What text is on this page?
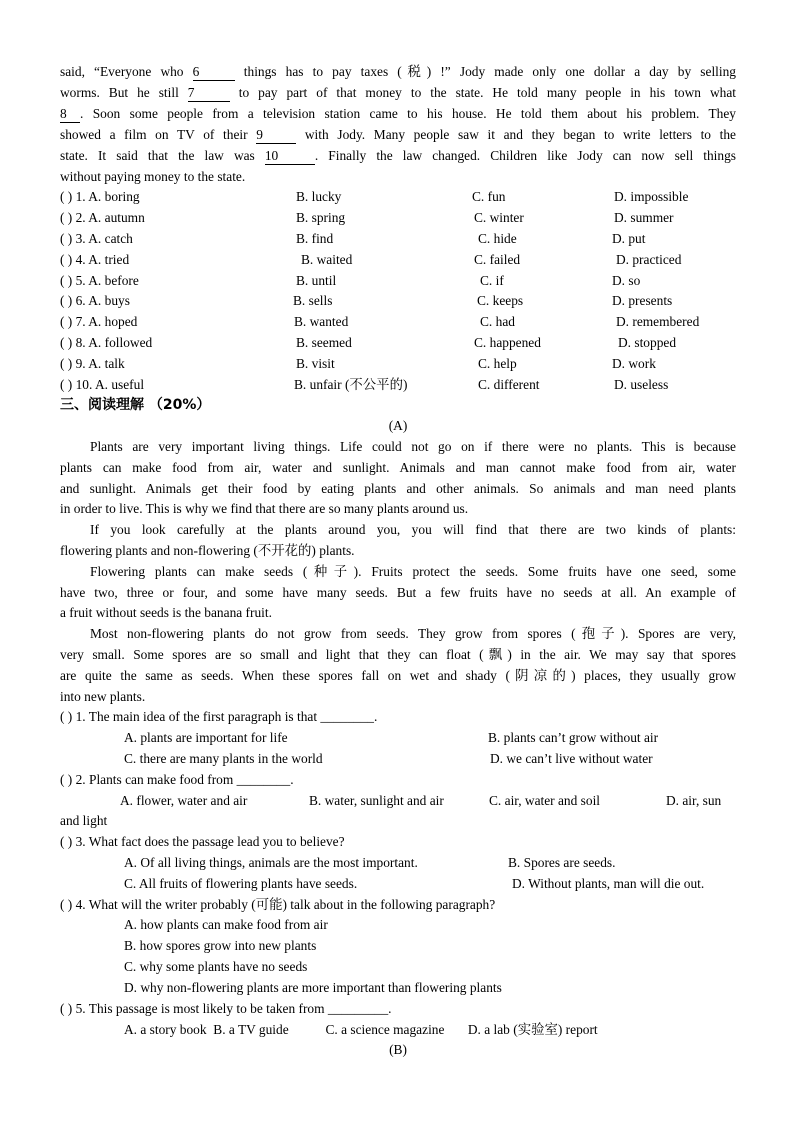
said, “Everyone who 6	things has to pay taxes (税) !” Jody made only one dollar a day by selling
worms. But he still 7	to pay part of that money to the state. He told many people in his town what
8 . Soon some people from a television station came to his house. He told them about his problem. They
showed a film on TV of their 9 with Jody. Many people saw it and they began to write letters to the
state. It said that the law was 10	. Finally the law changed. Children like Jody can now sell things
without paying money to the state.
( ) 1. A. boring	B. lucky	C. fun	D. impossible
( ) 2. A. autumn	B. spring	C. winter	D. summer
( ) 3. A. catch	B. find	C. hide	D. put
( ) 4. A. tried	B. waited	C. failed	D. practiced
( ) 5. A. before	B. until	C. if	D. so
( ) 6. A. buys	B. sells	C. keeps	D. presents
( ) 7. A. hoped	B. wanted	C. had	D. remembered
( ) 8. A. followed	B. seemed	C. happened	D. stopped
( ) 9. A. talk	B. visit	C. help	D. work
( ) 10. A. useful	B. unfair (不公平的)	C. different	D. useless
三、阅读理解 （20%）
(A)
Plants are very important living things. Life could not go on if there were no plants. This is because
plants can make food from air, water and sunlight. Animals and man cannot make food from air, water
and sunlight. Animals get their food by eating plants and other animals. So animals and man need plants
in order to live. This is why we find that there are so many plants around us.
If you look carefully at the plants around you, you will find that there are two kinds of plants:
flowering plants and non-flowering (不开花的) plants.
Flowering plants can make seeds (种子). Fruits protect the seeds. Some fruits have one seed, some
have two, three or four, and some have many seeds. But a few fruits have no seeds at all. An example of
a fruit without seeds is the banana fruit.
Most non-flowering plants do not grow from seeds. They grow from spores (孢子). Spores are very,
very small. Some spores are so small and light that they can float (飘) in the air. We may say that spores
are quite the same as seeds. When these spores fall on wet and shady (阴凉的) places, they usually grow
into new plants.
( ) 1. The main idea of the first paragraph is that ________.
A. plants are important for life	B. plants can’t grow without air
C. there are many plants in the world	D. we can’t live without water
( ) 2. Plants can make food from ________.
A. flower, water and air	B. water, sunlight and air	C. air, water and soil	D. air, sun
and light
( ) 3. What fact does the passage lead you to believe?
A. Of all living things, animals are the most important.	B. Spores are seeds.
C. All fruits of flowering plants have seeds.	D. Without plants, man will die out.
( ) 4. What will the writer probably (可能) talk about in the following paragraph?
A. how plants can make food from air
B. how spores grow into new plants
C. why some plants have no seeds
D. why non-flowering plants are more important than flowering plants
( ) 5. This passage is most likely to be taken from _________.
A. a story book  B. a TV guide           C. a science magazine       D. a lab (实验室) report
(B)
